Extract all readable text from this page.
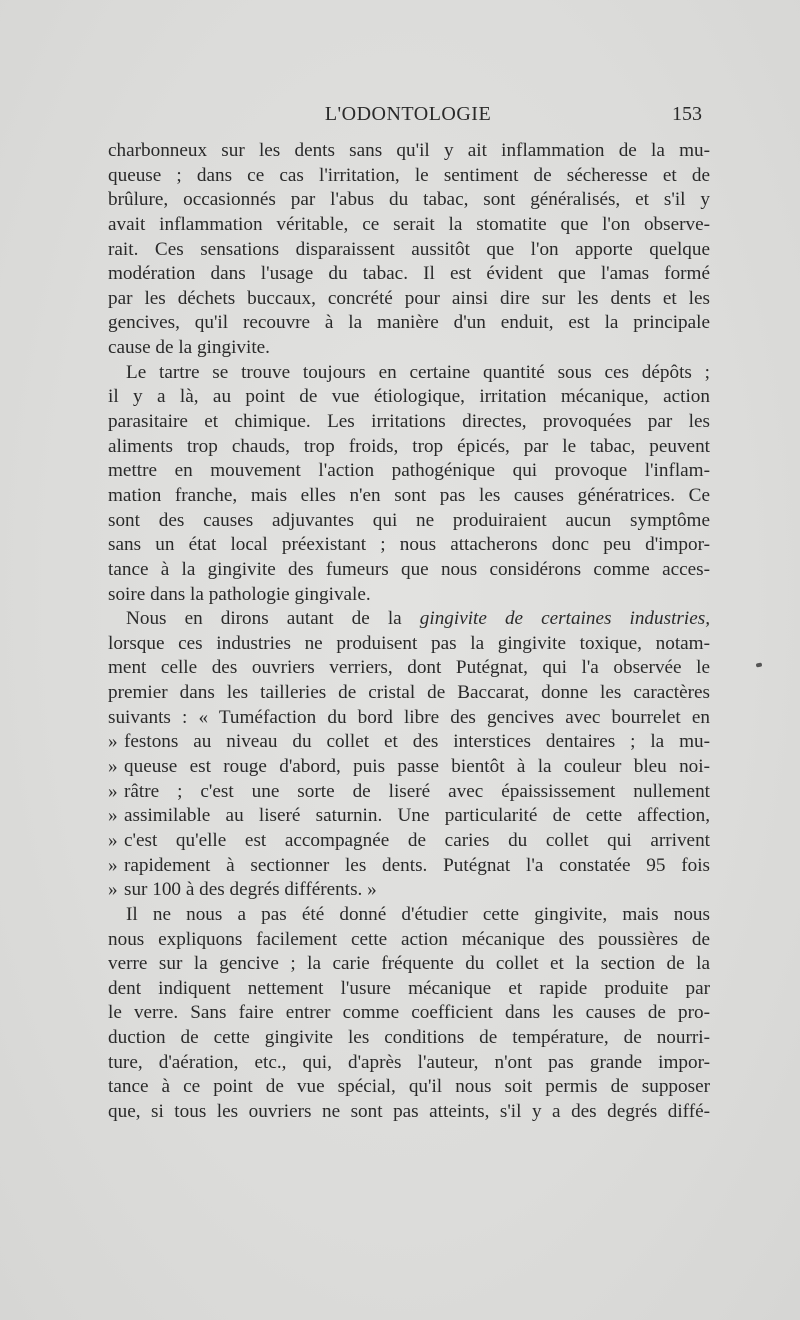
L'ODONTOLOGIE	153
charbonneux sur les dents sans qu'il y ait inflammation de la mu-
queuse ; dans ce cas l'irritation, le sentiment de sécheresse et de
brûlure, occasionnés par l'abus du tabac, sont généralisés, et s'il y
avait inflammation véritable, ce serait la stomatite que l'on observe-
rait. Ces sensations disparaissent aussitôt que l'on apporte quelque
modération dans l'usage du tabac. Il est évident que l'amas formé
par les déchets buccaux, concrété pour ainsi dire sur les dents et les
gencives, qu'il recouvre à la manière d'un enduit, est la principale
cause de la gingivite.
Le tartre se trouve toujours en certaine quantité sous ces dépôts ;
il y a là, au point de vue étiologique, irritation mécanique, action
parasitaire et chimique. Les irritations directes, provoquées par les
aliments trop chauds, trop froids, trop épicés, par le tabac, peuvent
mettre en mouvement l'action pathogénique qui provoque l'inflam-
mation franche, mais elles n'en sont pas les causes génératrices. Ce
sont des causes adjuvantes qui ne produiraient aucun symptôme
sans un état local préexistant ; nous attacherons donc peu d'impor-
tance à la gingivite des fumeurs que nous considérons comme acces-
soire dans la pathologie gingivale.
Nous en dirons autant de la gingivite de certaines industries,
lorsque ces industries ne produisent pas la gingivite toxique, notam-
ment celle des ouvriers verriers, dont Putégnat, qui l'a observée le
premier dans les tailleries de cristal de Baccarat, donne les caractères
suivants : « Tuméfaction du bord libre des gencives avec bourrelet en
» festons au niveau du collet et des interstices dentaires ; la mu-
» queuse est rouge d'abord, puis passe bientôt à la couleur bleu noi-
» râtre ; c'est une sorte de liseré avec épaississement nullement
» assimilable au liseré saturnin. Une particularité de cette affection,
» c'est qu'elle est accompagnée de caries du collet qui arrivent
» rapidement à sectionner les dents. Putégnat l'a constatée 95 fois
» sur 100 à des degrés différents. »
Il ne nous a pas été donné d'étudier cette gingivite, mais nous
nous expliquons facilement cette action mécanique des poussières de
verre sur la gencive ; la carie fréquente du collet et la section de la
dent indiquent nettement l'usure mécanique et rapide produite par
le verre. Sans faire entrer comme coefficient dans les causes de pro-
duction de cette gingivite les conditions de température, de nourri-
ture, d'aération, etc., qui, d'après l'auteur, n'ont pas grande impor-
tance à ce point de vue spécial, qu'il nous soit permis de supposer
que, si tous les ouvriers ne sont pas atteints, s'il y a des degrés diffé-
